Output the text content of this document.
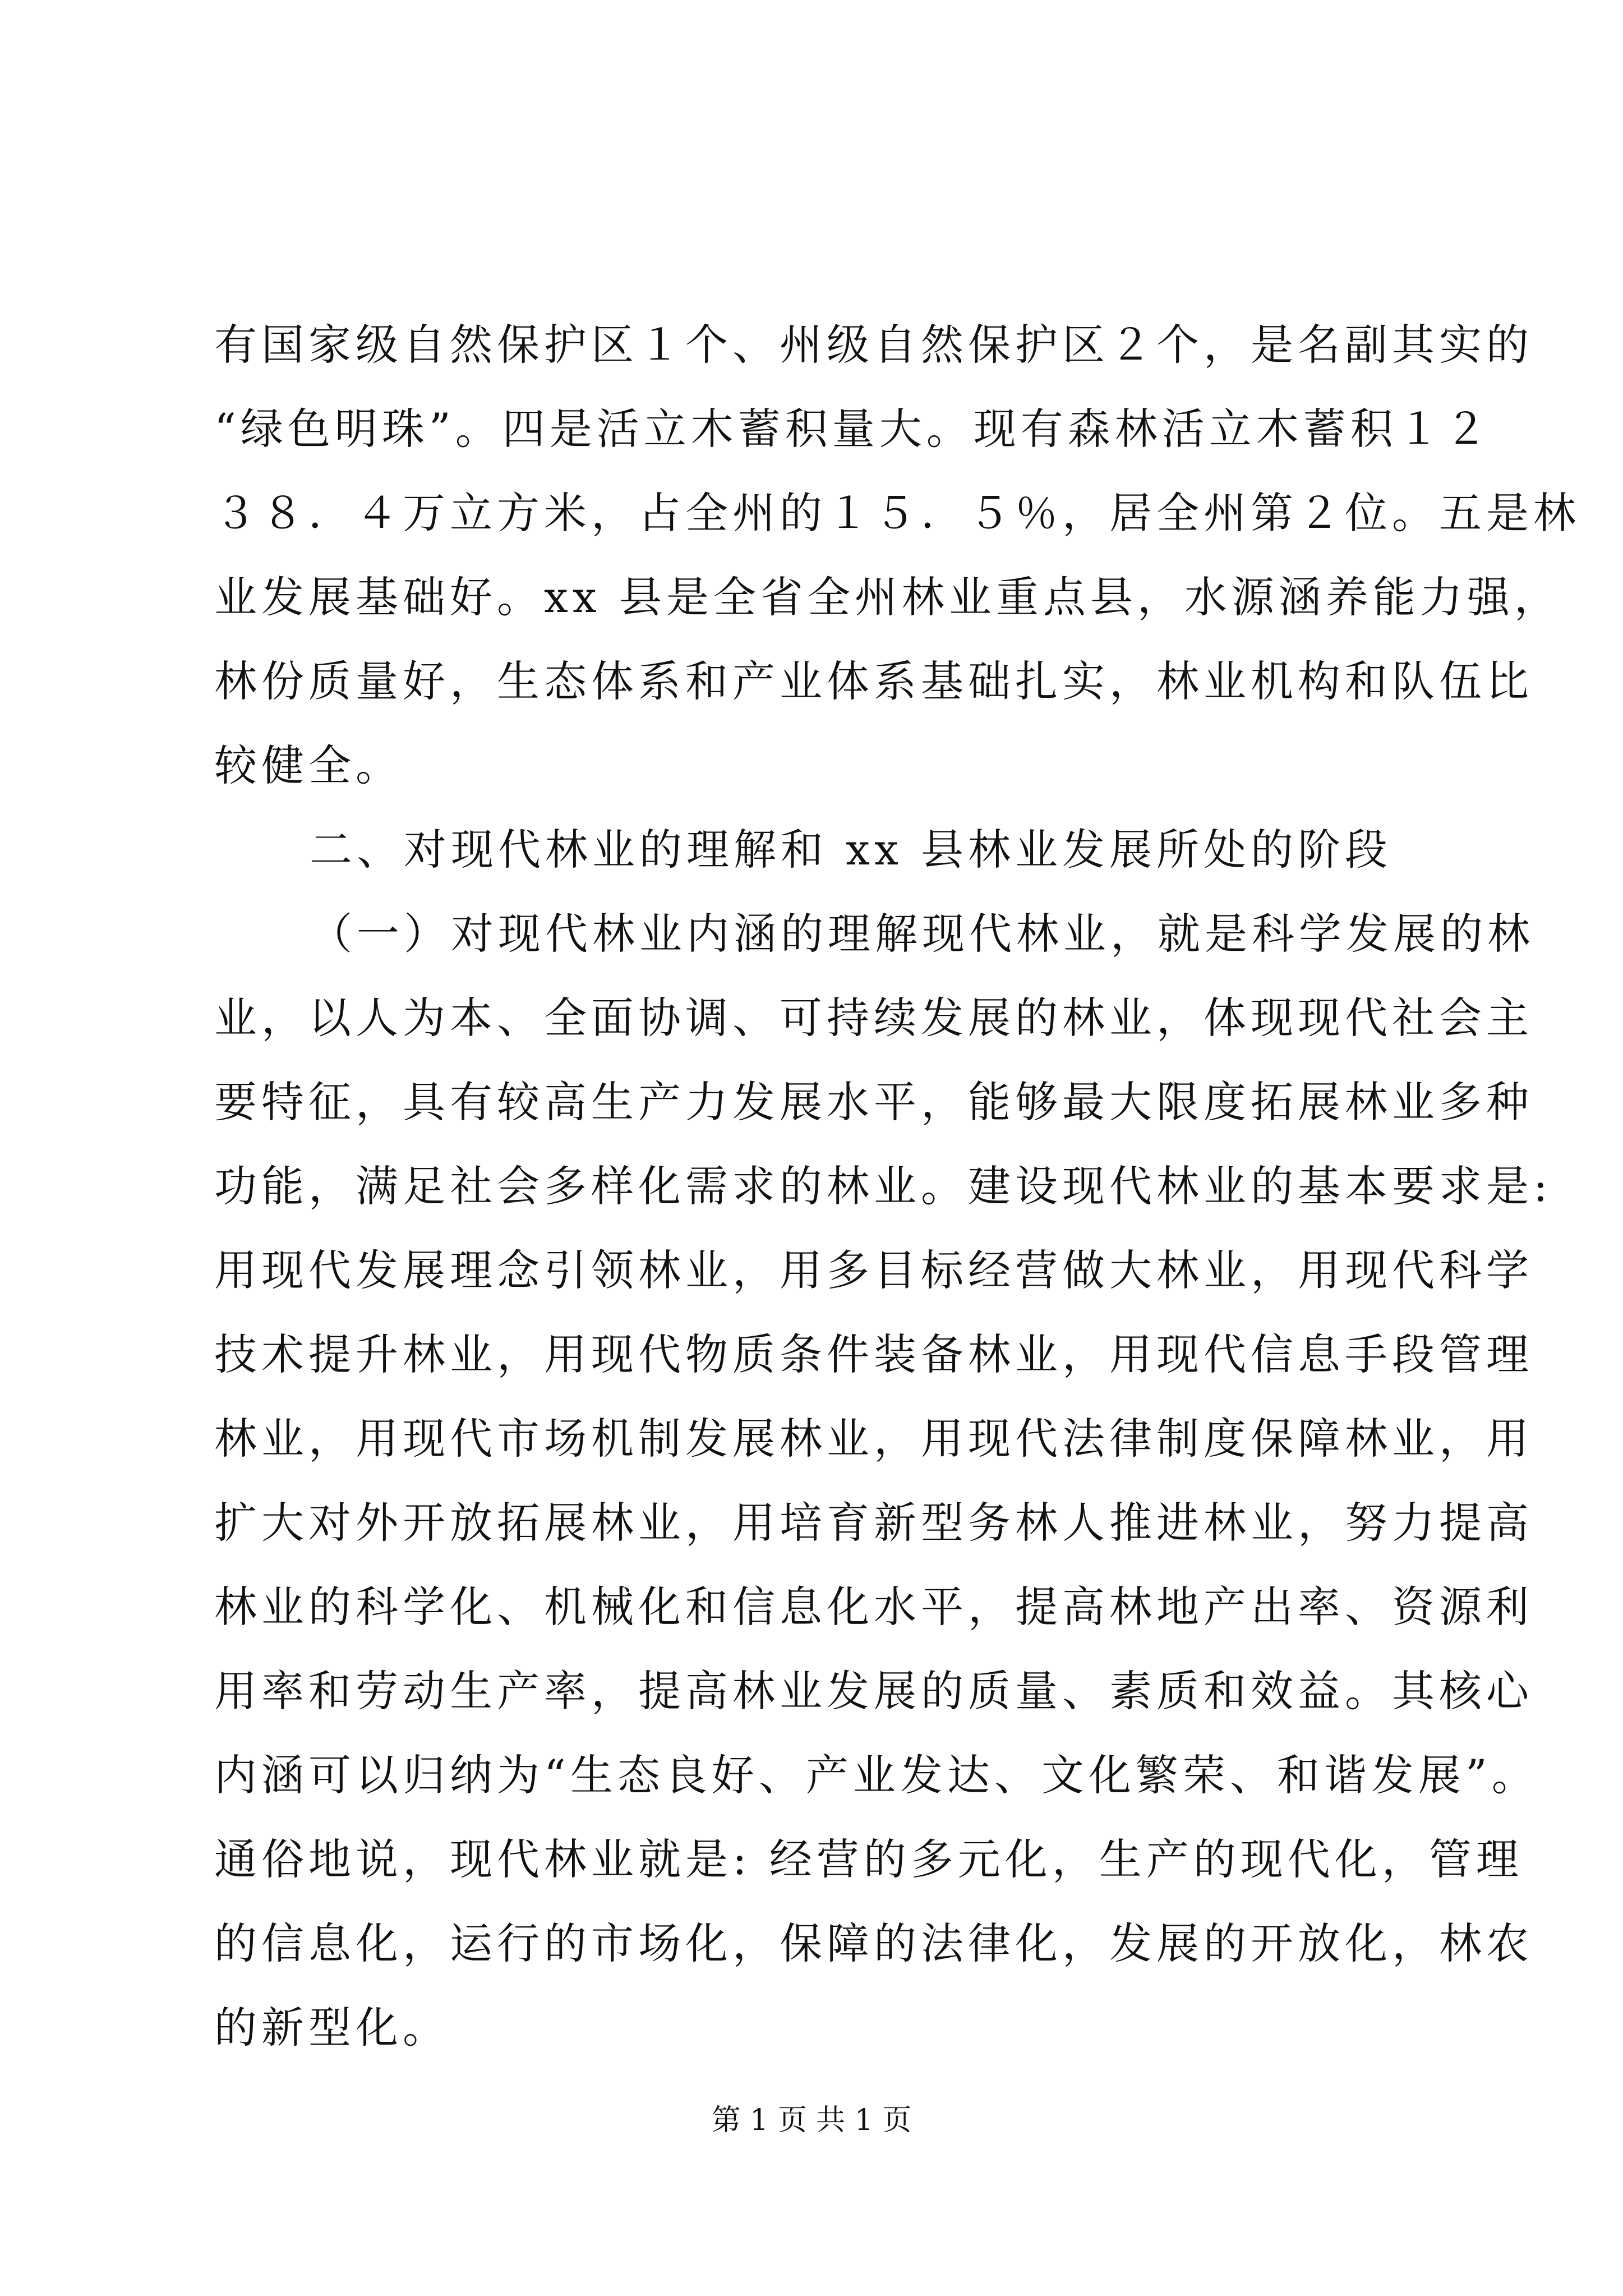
有国家级自然保护区１个、州级自然保护区２个，是名副其实的
“绿色明珠”。四是活立木蓄积量大。现有森林活立木蓄积１２
３８．４万立方米，占全州的１５．５％，居全州第２位。五是林
业发展基础好。xx 县是全省全州林业重点县，水源涵养能力强，
林份质量好，生态体系和产业体系基础扎实，林业机构和队伍比
较健全。
二、对现代林业的理解和 xx 县林业发展所处的阶段
（一）对现代林业内涵的理解现代林业，就是科学发展的林
业，以人为本、全面协调、可持续发展的林业，体现现代社会主
要特征，具有较高生产力发展水平，能够最大限度拓展林业多种
功能，满足社会多样化需求的林业。建设现代林业的基本要求是:
用现代发展理念引领林业，用多目标经营做大林业，用现代科学
技术提升林业，用现代物质条件装备林业，用现代信息手段管理
林业，用现代市场机制发展林业，用现代法律制度保障林业，用
扩大对外开放拓展林业，用培育新型务林人推进林业，努力提高
林业的科学化、机械化和信息化水平，提高林地产出率、资源利
用率和劳动生产率，提高林业发展的质量、素质和效益。其核心
内涵可以归纳为“生态良好、产业发达、文化繁荣、和谐发展”。
通俗地说，现代林业就是: 经营的多元化，生产的现代化，管理
的信息化，运行的市场化，保障的法律化，发展的开放化，林农
的新型化。
第 1 页 共 1 页
